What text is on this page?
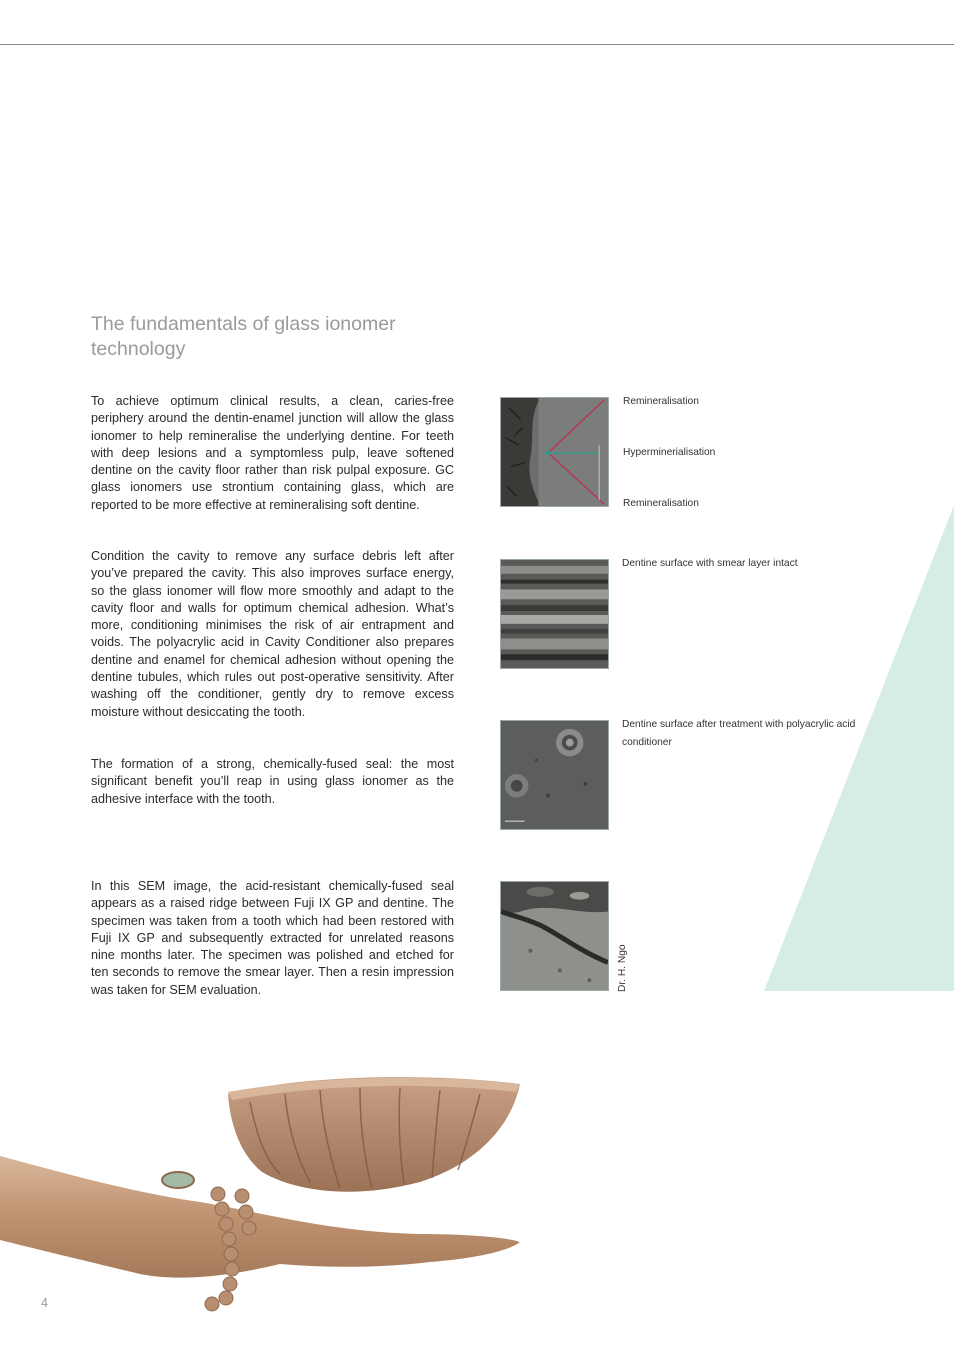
The fundamentals of glass ionomer technology

To achieve optimum clinical results, a clean, caries-free periphery around the dentin-enamel junction will allow the glass ionomer to help remineralise the underlying dentine. For teeth with deep lesions and a symptomless pulp, leave softened dentine on the cavity floor rather than risk pulpal exposure. GC glass ionomers use strontium containing glass, which are reported to be more effective at remineralising soft dentine.

Condition the cavity to remove any surface debris left after you’ve prepared the cavity. This also improves surface energy, so the glass ionomer will flow more smoothly and adapt to the cavity floor and walls for optimum chemical adhesion. What’s more, conditioning minimises the risk of air entrapment and voids. The polyacrylic acid in Cavity Conditioner also prepares dentine and enamel for chemical adhesion without opening the dentine tubules, which rules out post-operative sensitivity. After washing off the conditioner, gently dry to remove excess moisture without desiccating the tooth.

The formation of a strong, chemically-fused seal: the most significant benefit you’ll reap in using glass ionomer as the adhesive interface with the tooth.

In this SEM image, the acid-resistant chemically-fused seal appears as a raised ridge between Fuji IX GP and dentine. The specimen was taken from a tooth which had been restored with Fuji IX GP and subsequently extracted for unrelated reasons nine months later. The specimen was polished and etched for ten seconds to remove the smear layer. Then a resin impression was taken for SEM evaluation.

Remineralisation

Hyperminerialisation

Remineralisation

Dentine surface with smear layer intact

Dentine surface after treatment with polyacrylic acid conditioner

Dr. H. Ngo
4
